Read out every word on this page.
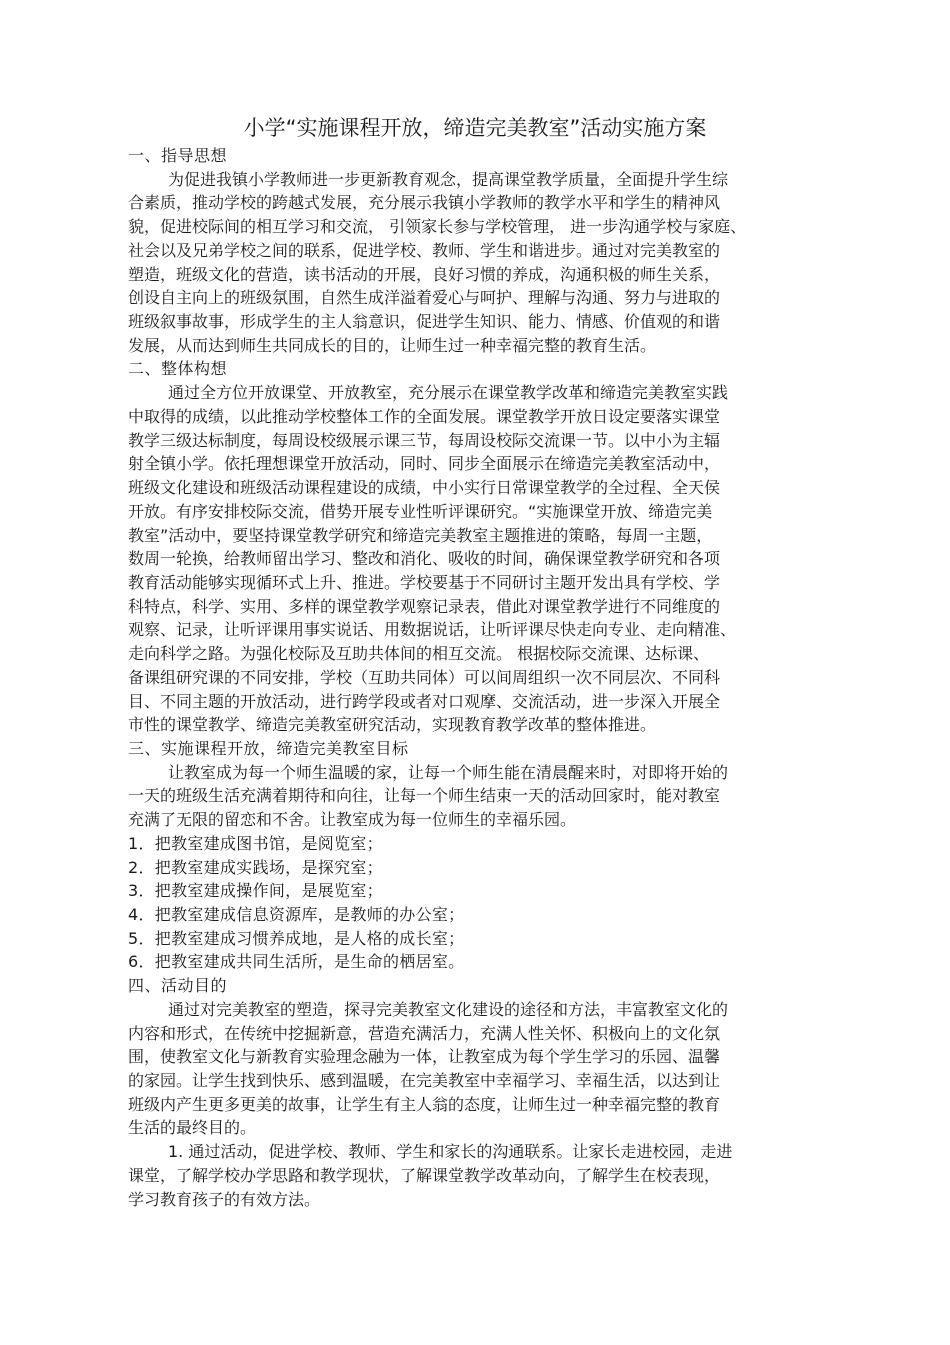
小学“实施课程开放，缔造完美教室”活动实施方案
一、指导思想
为促进我镇小学教师进一步更新教育观念，提高课堂教学质量，全面提升学生综
合素质，推动学校的跨越式发展，充分展示我镇小学教师的教学水平和学生的精神风
貌，促进校际间的相互学习和交流， 引领家长参与学校管理， 进一步沟通学校与家庭、
社会以及兄弟学校之间的联系，促进学校、教师、学生和谐进步。通过对完美教室的
塑造，班级文化的营造，读书活动的开展，良好习惯的养成，沟通积极的师生关系，
创设自主向上的班级氛围，自然生成洋溢着爱心与呵护、理解与沟通、努力与进取的
班级叙事故事，形成学生的主人翁意识，促进学生知识、能力、情感、价值观的和谐
发展，从而达到师生共同成长的目的，让师生过一种幸福完整的教育生活。
二、整体构想
通过全方位开放课堂、开放教室，充分展示在课堂教学改革和缔造完美教室实践
中取得的成绩，以此推动学校整体工作的全面发展。课堂教学开放日设定要落实课堂
教学三级达标制度，每周设校级展示课三节，每周设校际交流课一节。以中小为主辐
射全镇小学。依托理想课堂开放活动，同时、同步全面展示在缔造完美教室活动中，
班级文化建设和班级活动课程建设的成绩，中小实行日常课堂教学的全过程、全天侯
开放。有序安排校际交流，借势开展专业性听评课研究。“实施课堂开放、缔造完美
教室”活动中，要坚持课堂教学研究和缔造完美教室主题推进的策略，每周一主题，
数周一轮换，给教师留出学习、整改和消化、吸收的时间，确保课堂教学研究和各项
教育活动能够实现循环式上升、推进。学校要基于不同研讨主题开发出具有学校、学
科特点，科学、实用、多样的课堂教学观察记录表，借此对课堂教学进行不同维度的
观察、记录，让听评课用事实说话、用数据说话，让听评课尽快走向专业、走向精准、
走向科学之路。为强化校际及互助共体间的相互交流。 根据校际交流课、达标课、
备课组研究课的不同安排，学校（互助共同体）可以间周组织一次不同层次、不同科
目、不同主题的开放活动，进行跨学段或者对口观摩、交流活动，进一步深入开展全
市性的课堂教学、缔造完美教室研究活动，实现教育教学改革的整体推进。
三、实施课程开放，缔造完美教室目标
让教室成为每一个师生温暖的家，让每一个师生能在清晨醒来时，对即将开始的
一天的班级生活充满着期待和向往，让每一个师生结束一天的活动回家时，能对教室
充满了无限的留恋和不舍。让教室成为每一位师生的幸福乐园。
1．把教室建成图书馆，是阅览室；
2．把教室建成实践场，是探究室；
3．把教室建成操作间，是展览室；
4．把教室建成信息资源库，是教师的办公室；
5．把教室建成习惯养成地，是人格的成长室；
6．把教室建成共同生活所，是生命的栖居室。
四、活动目的
通过对完美教室的塑造，探寻完美教室文化建设的途径和方法，丰富教室文化的
内容和形式，在传统中挖掘新意，营造充满活力，充满人性关怀、积极向上的文化氛
围，使教室文化与新教育实验理念融为一体，让教室成为每个学生学习的乐园、温馨
的家园。让学生找到快乐、感到温暖，在完美教室中幸福学习、幸福生活，以达到让
班级内产生更多更美的故事，让学生有主人翁的态度，让师生过一种幸福完整的教育
生活的最终目的。
1. 通过活动，促进学校、教师、学生和家长的沟通联系。让家长走进校园，走进
课堂，了解学校办学思路和教学现状，了解课堂教学改革动向，了解学生在校表现，
学习教育孩子的有效方法。
